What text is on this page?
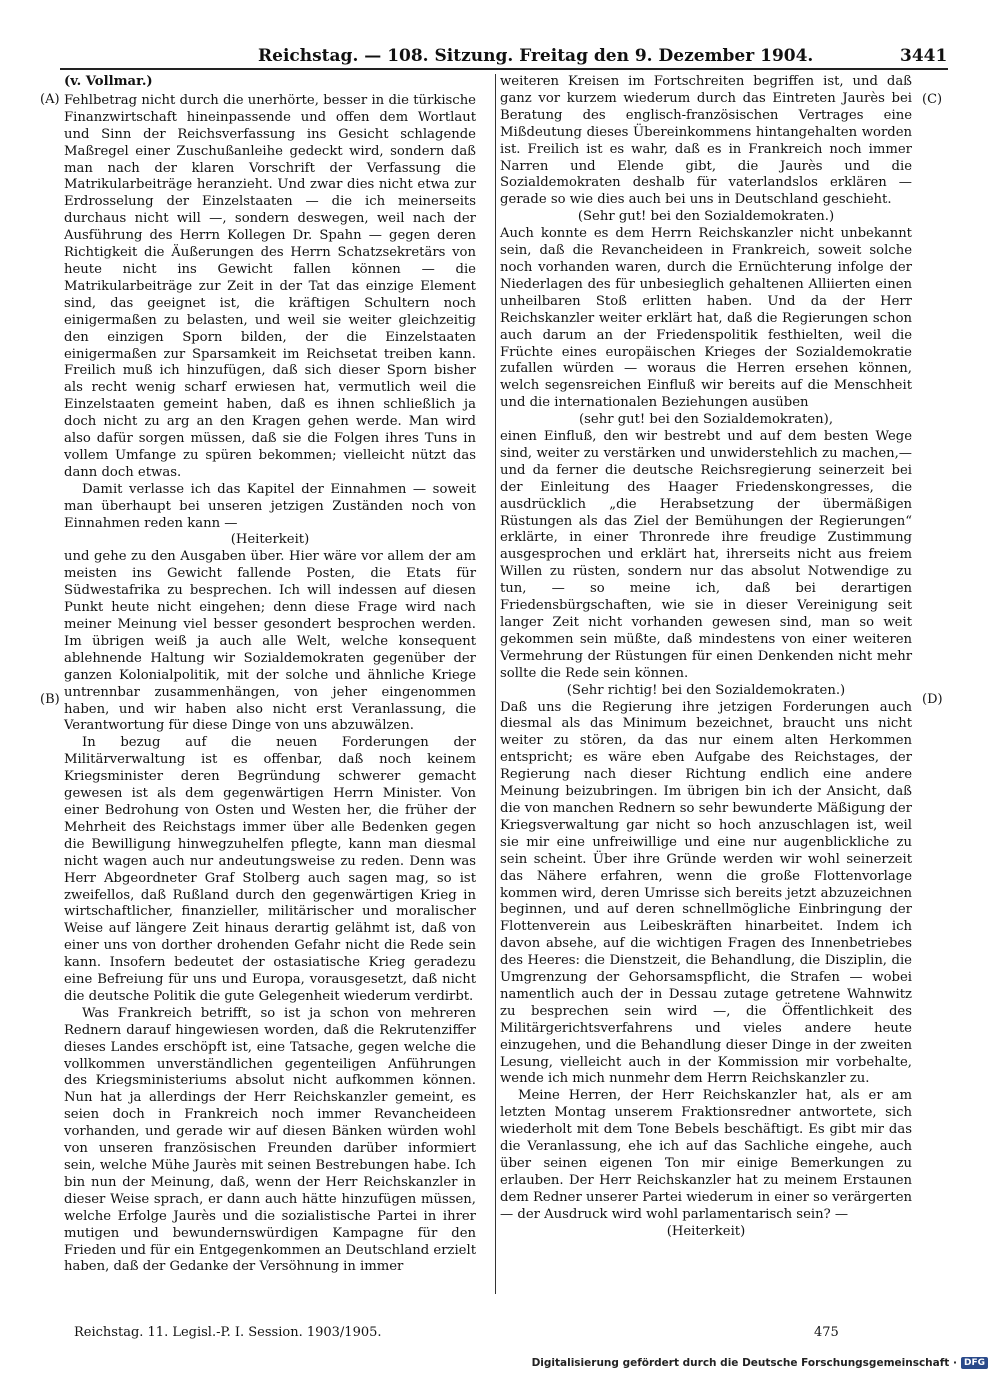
Reichstag. — 108. Sitzung. Freitag den 9. Dezember 1904.	3441
(A)
(B)
(C)
(D)

(v. Vollmar.)

Fehlbetrag nicht durch die unerhörte, besser in die türkische Finanzwirtschaft hineinpassende und offen dem Wortlaut und Sinn der Reichsverfassung ins Gesicht schlagende Maßregel einer Zuschußanleihe gedeckt wird, sondern daß man nach der klaren Vorschrift der Verfassung die Matrikularbeiträge heranzieht. Und zwar dies nicht etwa zur Erdrosselung der Einzelstaaten — die ich meinerseits durchaus nicht will —, sondern deswegen, weil nach der Ausführung des Herrn Kollegen Dr. Spahn — gegen deren Richtigkeit die Äußerungen des Herrn Schatzsekretärs von heute nicht ins Gewicht fallen können — die Matrikularbeiträge zur Zeit in der Tat das einzige Element sind, das geeignet ist, die kräftigen Schultern noch einigermaßen zu belasten, und weil sie weiter gleichzeitig den einzigen Sporn bilden, der die Einzelstaaten einigermaßen zur Sparsamkeit im Reichsetat treiben kann. Freilich muß ich hinzufügen, daß sich dieser Sporn bisher als recht wenig scharf erwiesen hat, vermutlich weil die Einzelstaaten gemeint haben, daß es ihnen schließlich ja doch nicht zu arg an den Kragen gehen werde. Man wird also dafür sorgen müssen, daß sie die Folgen ihres Tuns in vollem Umfange zu spüren bekommen; vielleicht nützt das dann doch etwas.

Damit verlasse ich das Kapitel der Einnahmen — soweit man überhaupt bei unseren jetzigen Zuständen noch von Einnahmen reden kann —

(Heiterkeit)

und gehe zu den Ausgaben über. Hier wäre vor allem der am meisten ins Gewicht fallende Posten, die Etats für Südwestafrika zu besprechen. Ich will indessen auf diesen Punkt heute nicht eingehen; denn diese Frage wird nach meiner Meinung viel besser gesondert besprochen werden. Im übrigen weiß ja auch alle Welt, welche konsequent ablehnende Haltung wir Sozialdemokraten gegenüber der ganzen Kolonialpolitik, mit der solche und ähnliche Kriege untrennbar zusammenhängen, von jeher eingenommen haben, und wir haben also nicht erst Veranlassung, die Verantwortung für diese Dinge von uns abzuwälzen.

In bezug auf die neuen Forderungen der Militärverwaltung ist es offenbar, daß noch keinem Kriegsminister deren Begründung schwerer gemacht gewesen ist als dem gegenwärtigen Herrn Minister. Von einer Bedrohung von Osten und Westen her, die früher der Mehrheit des Reichstags immer über alle Bedenken gegen die Bewilligung hinwegzuhelfen pflegte, kann man diesmal nicht wagen auch nur andeutungsweise zu reden. Denn was Herr Abgeordneter Graf Stolberg auch sagen mag, so ist zweifellos, daß Rußland durch den gegenwärtigen Krieg in wirtschaftlicher, finanzieller, militärischer und moralischer Weise auf längere Zeit hinaus derartig gelähmt ist, daß von einer uns von dorther drohenden Gefahr nicht die Rede sein kann. Insofern bedeutet der ostasiatische Krieg geradezu eine Befreiung für uns und Europa, vorausgesetzt, daß nicht die deutsche Politik die gute Gelegenheit wiederum verdirbt.

Was Frankreich betrifft, so ist ja schon von mehreren Rednern darauf hingewiesen worden, daß die Rekrutenziffer dieses Landes erschöpft ist, eine Tatsache, gegen welche die vollkommen unverständlichen gegenteiligen Anführungen des Kriegsministeriums absolut nicht aufkommen können. Nun hat ja allerdings der Herr Reichskanzler gemeint, es seien doch in Frankreich noch immer Revancheideen vorhanden, und gerade wir auf diesen Bänken würden wohl von unseren französischen Freunden darüber informiert sein, welche Mühe Jaurès mit seinen Bestrebungen habe. Ich bin nun der Meinung, daß, wenn der Herr Reichskanzler in dieser Weise sprach, er dann auch hätte hinzufügen müssen, welche Erfolge Jaurès und die sozialistische Partei in ihrer mutigen und bewundernswürdigen Kampagne für den Frieden und für ein Entgegenkommen an Deutschland erzielt haben, daß der Gedanke der Versöhnung in immer

weiteren Kreisen im Fortschreiten begriffen ist, und daß ganz vor kurzem wiederum durch das Eintreten Jaurès bei Beratung des englisch-französischen Vertrages eine Mißdeutung dieses Übereinkommens hintangehalten worden ist. Freilich ist es wahr, daß es in Frankreich noch immer Narren und Elende gibt, die Jaurès und die Sozialdemokraten deshalb für vaterlandslos erklären — gerade so wie dies auch bei uns in Deutschland geschieht.

(Sehr gut! bei den Sozialdemokraten.)

Auch konnte es dem Herrn Reichskanzler nicht unbekannt sein, daß die Revancheideen in Frankreich, soweit solche noch vorhanden waren, durch die Ernüchterung infolge der Niederlagen des für unbesieglich gehaltenen Alliierten einen unheilbaren Stoß erlitten haben. Und da der Herr Reichskanzler weiter erklärt hat, daß die Regierungen schon auch darum an der Friedenspolitik festhielten, weil die Früchte eines europäischen Krieges der Sozialdemokratie zufallen würden — woraus die Herren ersehen können, welch segensreichen Einfluß wir bereits auf die Menschheit und die internationalen Beziehungen ausüben

(sehr gut! bei den Sozialdemokraten),

einen Einfluß, den wir bestrebt und auf dem besten Wege sind, weiter zu verstärken und unwiderstehlich zu machen,— und da ferner die deutsche Reichsregierung seinerzeit bei der Einleitung des Haager Friedenskongresses, die ausdrücklich „die Herabsetzung der übermäßigen Rüstungen als das Ziel der Bemühungen der Regierungen“ erklärte, in einer Thronrede ihre freudige Zustimmung ausgesprochen und erklärt hat, ihrerseits nicht aus freiem Willen zu rüsten, sondern nur das absolut Notwendige zu tun, — so meine ich, daß bei derartigen Friedensbürgschaften, wie sie in dieser Vereinigung seit langer Zeit nicht vorhanden gewesen sind, man so weit gekommen sein müßte, daß mindestens von einer weiteren Vermehrung der Rüstungen für einen Denkenden nicht mehr sollte die Rede sein können.

(Sehr richtig! bei den Sozialdemokraten.)

Daß uns die Regierung ihre jetzigen Forderungen auch diesmal als das Minimum bezeichnet, braucht uns nicht weiter zu stören, da das nur einem alten Herkommen entspricht; es wäre eben Aufgabe des Reichstages, der Regierung nach dieser Richtung endlich eine andere Meinung beizubringen. Im übrigen bin ich der Ansicht, daß die von manchen Rednern so sehr bewunderte Mäßigung der Kriegsverwaltung gar nicht so hoch anzuschlagen ist, weil sie mir eine unfreiwillige und eine nur augenblickliche zu sein scheint. Über ihre Gründe werden wir wohl seinerzeit das Nähere erfahren, wenn die große Flottenvorlage kommen wird, deren Umrisse sich bereits jetzt abzuzeichnen beginnen, und auf deren schnellmögliche Einbringung der Flottenverein aus Leibeskräften hinarbeitet. Indem ich davon absehe, auf die wichtigen Fragen des Innenbetriebes des Heeres: die Dienstzeit, die Behandlung, die Disziplin, die Umgrenzung der Gehorsamspflicht, die Strafen — wobei namentlich auch der in Dessau zutage getretene Wahnwitz zu besprechen sein wird —, die Öffentlichkeit des Militärgerichtsverfahrens und vieles andere heute einzugehen, und die Behandlung dieser Dinge in der zweiten Lesung, vielleicht auch in der Kommission mir vorbehalte, wende ich mich nunmehr dem Herrn Reichskanzler zu.

Meine Herren, der Herr Reichskanzler hat, als er am letzten Montag unserem Fraktionsredner antwortete, sich wiederholt mit dem Tone Bebels beschäftigt. Es gibt mir das die Veranlassung, ehe ich auf das Sachliche eingehe, auch über seinen eigenen Ton mir einige Bemerkungen zu erlauben. Der Herr Reichskanzler hat zu meinem Erstaunen dem Redner unserer Partei wiederum in einer so verärgerten — der Ausdruck wird wohl parlamentarisch sein? —

(Heiterkeit)

Reichstag. 11. Legisl.-P. I. Session. 1903/1905.	475
Digitalisierung gefördert durch die Deutsche Forschungsgemeinschaft · DFG
